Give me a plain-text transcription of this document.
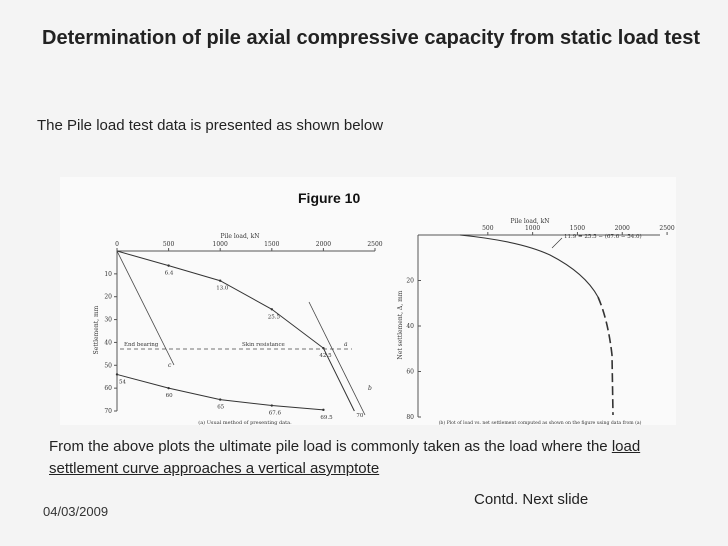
Determination of pile axial compressive capacity from static load test
The Pile load test data is presented as shown below
Figure 10
Pile load, kN
Settlement, mm
0	500	1000	1500	2000	2500
10
20
30
40
50
60
70
6.4
13.0
25.5
42.5
70
54
60
65
67.6
69.5
End bearing	Skin resistance	a
b
c
(a) Usual method of presenting data.
Pile load, kN
Net settlement, Δ, mm
500	1000	1500	2000	2500
20
40
60
80
11.9 = 25.5 − (67.6 − 54.0)
(b) Plot of load vs. net settlement computed as shown on the figure using data from (a)
From the above plots the ultimate pile load is commonly taken as the load where the load settlement curve approaches a vertical asymptote
04/03/2009
Contd. Next slide
